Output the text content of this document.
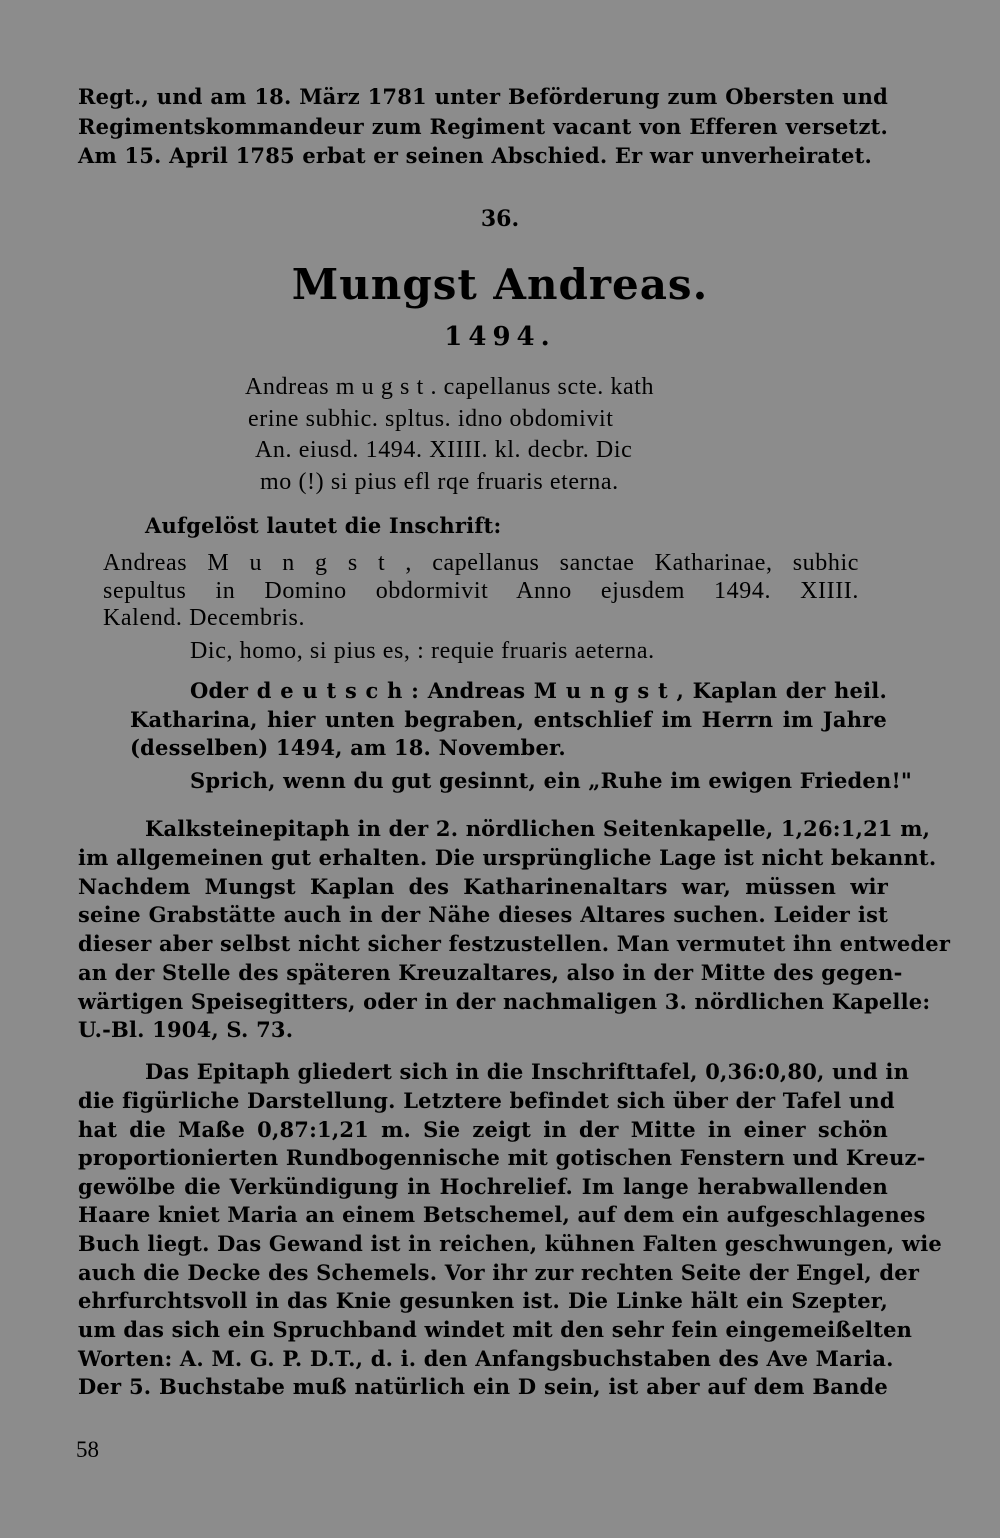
Regt., und am 18. März 1781 unter Beförderung zum Obersten und
Regimentskommandeur zum Regiment vacant von Efferen versetzt.
Am 15. April 1785 erbat er seinen Abschied. Er war unverheiratet.
36.
Mungst Andreas.
1494.
Andreas m u g s t . capellanus scte. kath
erine subhic. spltus. idno obdomivit
An. eiusd. 1494. XIIII. kl. decbr. Dic
mo (!) si pius efl rqe fruaris eterna.
Aufgelöst lautet die Inschrift:
Andreas M u n g s t , capellanus sanctae Katharinae, subhic
sepultus in Domino obdormivit Anno ejusdem 1494. XIIII.
Kalend. Decembris.
Dic, homo, si pius es, : requie fruaris aeterna.
Oder d e u t s c h : Andreas M u n g s t , Kaplan der heil.
Katharina, hier unten begraben, entschlief im Herrn im Jahre
(desselben) 1494, am 18. November.
Sprich, wenn du gut gesinnt, ein „Ruhe im ewigen Frieden!"
Kalksteinepitaph in der 2. nördlichen Seitenkapelle, 1,26:1,21 m,
im allgemeinen gut erhalten. Die ursprüngliche Lage ist nicht bekannt.
Nachdem Mungst Kaplan des Katharinenaltars war, müssen wir
seine Grabstätte auch in der Nähe dieses Altares suchen. Leider ist
dieser aber selbst nicht sicher festzustellen. Man vermutet ihn entweder
an der Stelle des späteren Kreuzaltares, also in der Mitte des gegen-
wärtigen Speisegitters, oder in der nachmaligen 3. nördlichen Kapelle:
U.-Bl. 1904, S. 73.
Das Epitaph gliedert sich in die Inschrifttafel, 0,36:0,80, und in
die figürliche Darstellung. Letztere befindet sich über der Tafel und
hat die Maße 0,87:1,21 m. Sie zeigt in der Mitte in einer schön
proportionierten Rundbogennische mit gotischen Fenstern und Kreuz-
gewölbe die Verkündigung in Hochrelief. Im lange herabwallenden
Haare kniet Maria an einem Betschemel, auf dem ein aufgeschlagenes
Buch liegt. Das Gewand ist in reichen, kühnen Falten geschwungen, wie
auch die Decke des Schemels. Vor ihr zur rechten Seite der Engel, der
ehrfurchtsvoll in das Knie gesunken ist. Die Linke hält ein Szepter,
um das sich ein Spruchband windet mit den sehr fein eingemeißelten
Worten: A. M. G. P. D.T., d. i. den Anfangsbuchstaben des Ave Maria.
Der 5. Buchstabe muß natürlich ein D sein, ist aber auf dem Bande
58
